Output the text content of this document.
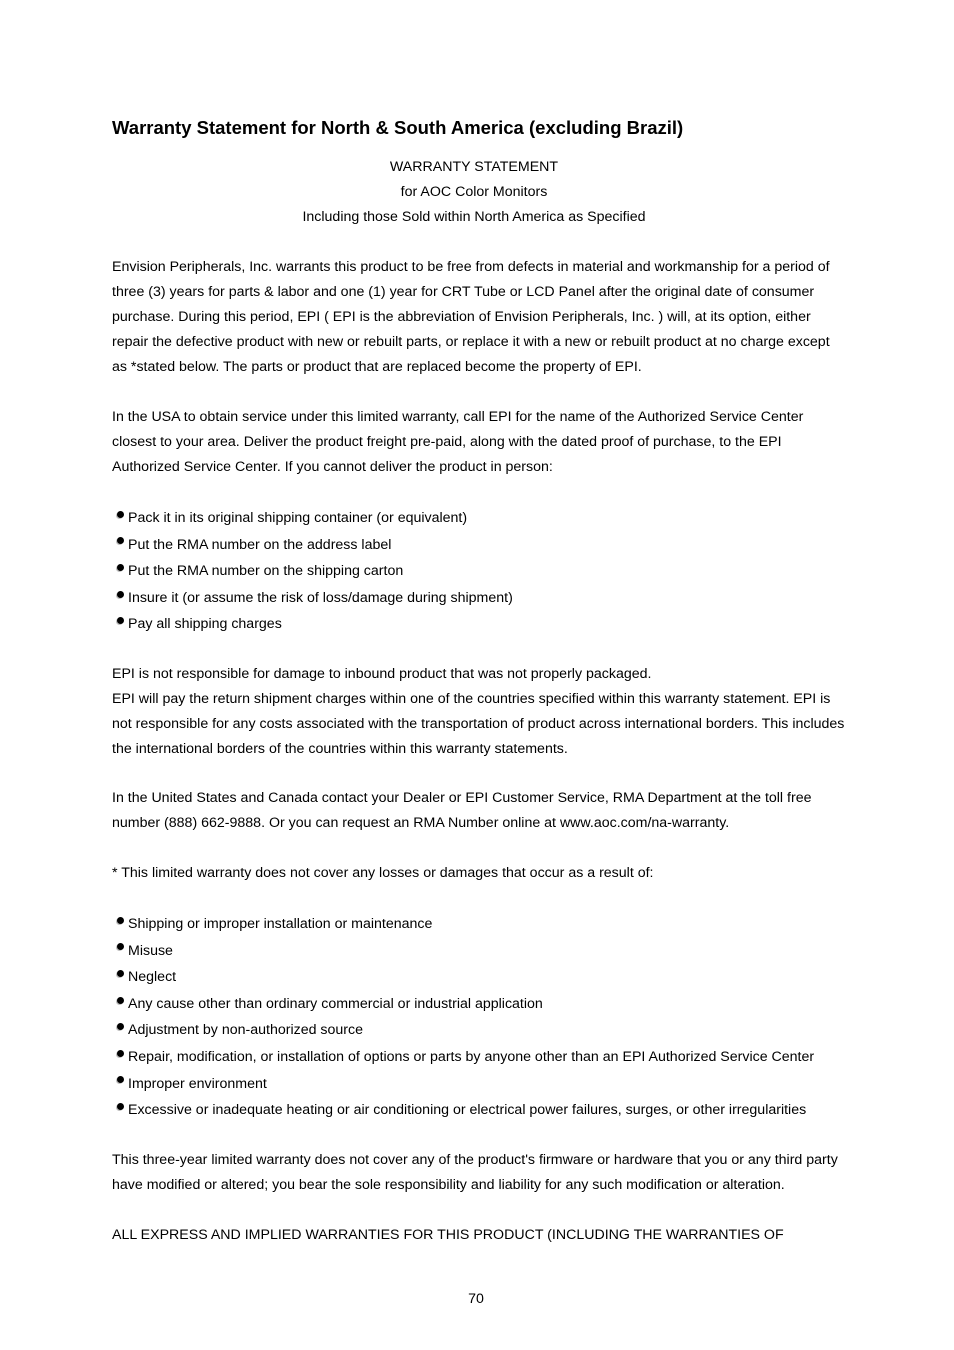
Warranty Statement for North & South America (excluding Brazil)
WARRANTY STATEMENT
for AOC Color Monitors
Including those Sold within North America as Specified

Envision Peripherals, Inc. warrants this product to be free from defects in material and workmanship for a period of three (3) years for parts & labor and one (1) year for CRT Tube or LCD Panel after the original date of consumer purchase. During this period, EPI ( EPI is the abbreviation of Envision Peripherals, Inc. ) will, at its option, either repair the defective product with new or rebuilt parts, or replace it with a new or rebuilt product at no charge except as *stated below. The parts or product that are replaced become the property of EPI.

In the USA to obtain service under this limited warranty, call EPI for the name of the Authorized Service Center closest to your area. Deliver the product freight pre-paid, along with the dated proof of purchase, to the EPI Authorized Service Center. If you cannot deliver the product in person:

Pack it in its original shipping container (or equivalent)
Put the RMA number on the address label
Put the RMA number on the shipping carton
Insure it (or assume the risk of loss/damage during shipment)
Pay all shipping charges

EPI is not responsible for damage to inbound product that was not properly packaged.

EPI will pay the return shipment charges within one of the countries specified within this warranty statement. EPI is not responsible for any costs associated with the transportation of product across international borders. This includes the international borders of the countries within this warranty statements.

In the United States and Canada contact your Dealer or EPI Customer Service, RMA Department at the toll free number (888) 662-9888. Or you can request an RMA Number online at www.aoc.com/na-warranty.

* This limited warranty does not cover any losses or damages that occur as a result of:

Shipping or improper installation or maintenance
Misuse
Neglect
Any cause other than ordinary commercial or industrial application
Adjustment by non-authorized source
Repair, modification, or installation of options or parts by anyone other than an EPI Authorized Service Center
Improper environment
Excessive or inadequate heating or air conditioning or electrical power failures, surges, or other irregularities

This three-year limited warranty does not cover any of the product's firmware or hardware that you or any third party have modified or altered; you bear the sole responsibility and liability for any such modification or alteration.

ALL EXPRESS AND IMPLIED WARRANTIES FOR THIS PRODUCT (INCLUDING THE WARRANTIES OF

70
